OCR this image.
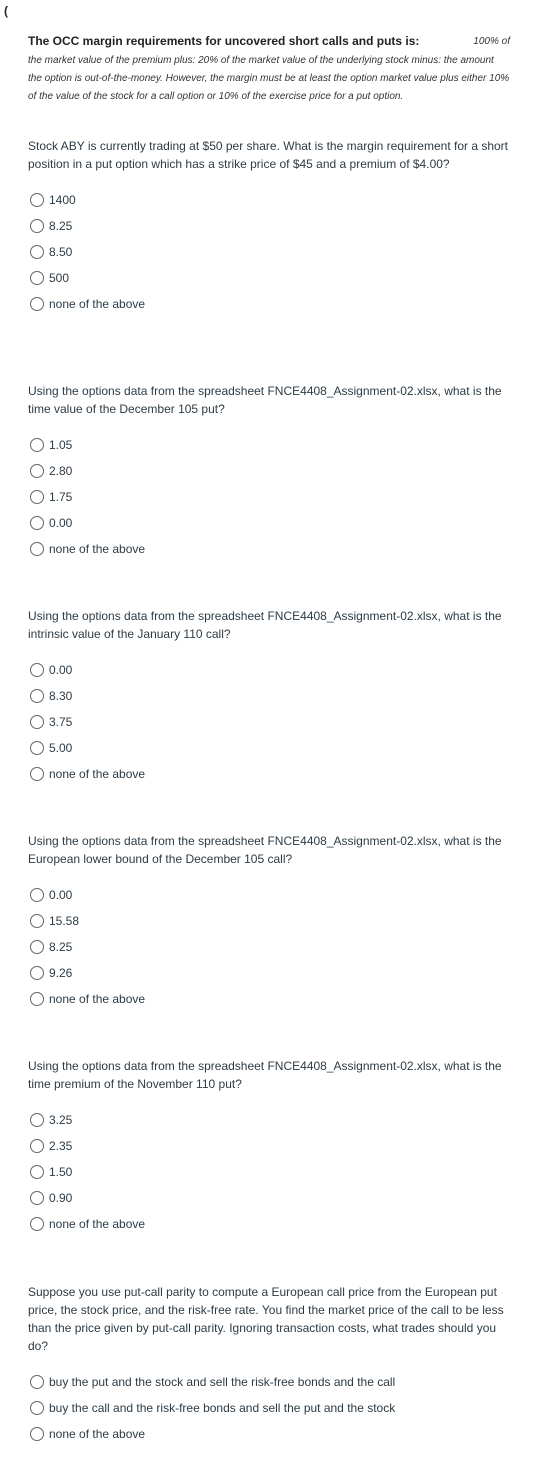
(
100% of
The OCC margin requirements for uncovered short calls and puts is:
the market value of the premium plus: 20% of the market value of the underlying stock minus: the amount the option is out-of-the-money. However, the margin must be at least the option market value plus either 10% of the value of the stock for a call option or 10% of the exercise price for a put option.

Stock ABY is currently trading at $50 per share. What is the margin requirement for a short position in a put option which has a strike price of $45 and a premium of $4.00?

1400
8.25
8.50
500
none of the above

Using the options data from the spreadsheet FNCE4408_Assignment-02.xlsx, what is the time value of the December 105 put?

1.05
2.80
1.75
0.00
none of the above

Using the options data from the spreadsheet FNCE4408_Assignment-02.xlsx, what is the intrinsic value of the January 110 call?

0.00
8.30
3.75
5.00
none of the above

Using the options data from the spreadsheet FNCE4408_Assignment-02.xlsx, what is the European lower bound of the December 105 call?

0.00
15.58
8.25
9.26
none of the above

Using the options data from the spreadsheet FNCE4408_Assignment-02.xlsx, what is the time premium of the November 110 put?

3.25
2.35
1.50
0.90
none of the above

Suppose you use put-call parity to compute a European call price from the European put price, the stock price, and the risk-free rate. You find the market price of the call to be less than the price given by put-call parity. Ignoring transaction costs, what trades should you do?

buy the put and the stock and sell the risk-free bonds and the call
buy the call and the risk-free bonds and sell the put and the stock
none of the above
